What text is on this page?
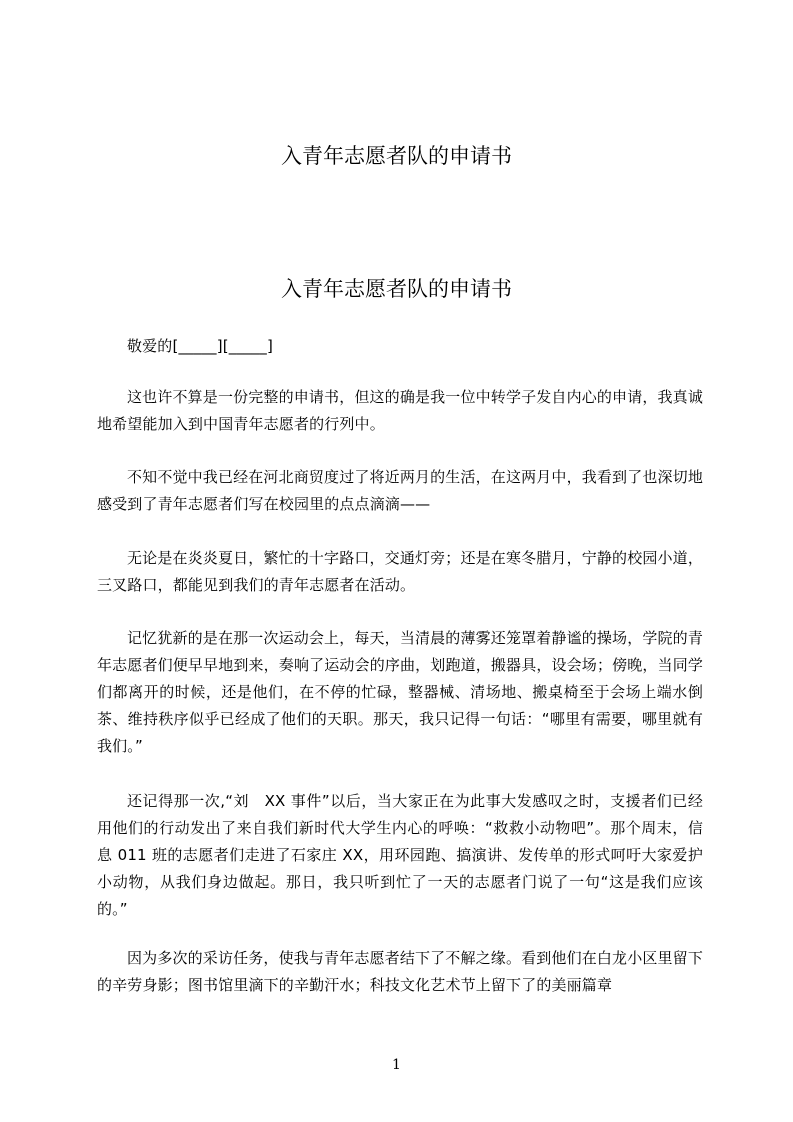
入青年志愿者队的申请书
入青年志愿者队的申请书

敬爱的[_____][_____]

这也许不算是一份完整的申请书，但这的确是我一位中转学子发自内心的申请，我真诚地希望能加入到中国青年志愿者的行列中。

不知不觉中我已经在河北商贸度过了将近两月的生活，在这两月中，我看到了也深切地感受到了青年志愿者们写在校园里的点点滴滴——

无论是在炎炎夏日，繁忙的十字路口，交通灯旁；还是在寒冬腊月，宁静的校园小道，三叉路口，都能见到我们的青年志愿者在活动。

记忆犹新的是在那一次运动会上，每天，当清晨的薄雾还笼罩着静谧的操场，学院的青年志愿者们便早早地到来，奏响了运动会的序曲，划跑道，搬器具，设会场；傍晚，当同学们都离开的时候，还是他们，在不停的忙碌，整器械、清场地、搬桌椅至于会场上端水倒茶、维持秩序似乎已经成了他们的天职。那天，我只记得一句话：“哪里有需要，哪里就有我们。”

还记得那一次,“刘　XX 事件”以后，当大家正在为此事大发感叹之时，支援者们已经用他们的行动发出了来自我们新时代大学生内心的呼唤：“救救小动物吧”。那个周末，信息 011 班的志愿者们走进了石家庄 XX，用环园跑、搞演讲、发传单的形式呵吁大家爱护小动物，从我们身边做起。那日，我只听到忙了一天的志愿者门说了一句“这是我们应该的。”

因为多次的采访任务，使我与青年志愿者结下了不解之缘。看到他们在白龙小区里留下的辛劳身影；图书馆里滴下的辛勤汗水；科技文化艺术节上留下了的美丽篇章

1
